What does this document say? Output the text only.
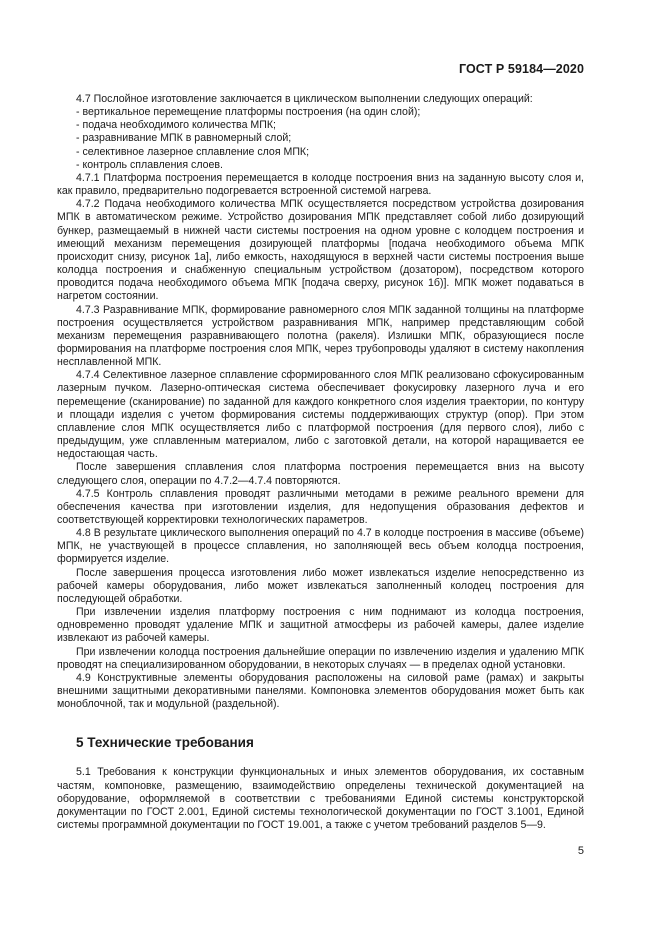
ГОСТ Р 59184—2020

4.7 Послойное изготовление заключается в циклическом выполнении следующих операций:

- вертикальное перемещение платформы построения (на один слой);

- подача необходимого количества МПК;

- разравнивание МПК в равномерный слой;

- селективное лазерное сплавление слоя МПК;

- контроль сплавления слоев.

4.7.1 Платформа построения перемещается в колодце построения вниз на заданную высоту слоя и, как правило, предварительно подогревается встроенной системой нагрева.

4.7.2 Подача необходимого количества МПК осуществляется посредством устройства дозирования МПК в автоматическом режиме. Устройство дозирования МПК представляет собой либо дозирующий бункер, размещаемый в нижней части системы построения на одном уровне с колодцем построения и имеющий механизм перемещения дозирующей платформы [подача необходимого объема МПК происходит снизу, рисунок 1а], либо емкость, находящуюся в верхней части системы построения выше колодца построения и снабженную специальным устройством (дозатором), посредством которого проводится подача необходимого объема МПК [подача сверху, рисунок 1б)]. МПК может подаваться в нагретом состоянии.

4.7.3 Разравнивание МПК, формирование равномерного слоя МПК заданной толщины на платформе построения осуществляется устройством разравнивания МПК, например представляющим собой механизм перемещения разравнивающего полотна (ракеля). Излишки МПК, образующиеся после формирования на платформе построения слоя МПК, через трубопроводы удаляют в систему накопления несплавленной МПК.

4.7.4 Селективное лазерное сплавление сформированного слоя МПК реализовано сфокусированным лазерным пучком. Лазерно-оптическая система обеспечивает фокусировку лазерного луча и его перемещение (сканирование) по заданной для каждого конкретного слоя изделия траектории, по контуру и площади изделия с учетом формирования системы поддерживающих структур (опор). При этом сплавление слоя МПК осуществляется либо с платформой построения (для первого слоя), либо с предыдущим, уже сплавленным материалом, либо с заготовкой детали, на которой наращивается ее недостающая часть.

После завершения сплавления слоя платформа построения перемещается вниз на высоту следующего слоя, операции по 4.7.2—4.7.4 повторяются.

4.7.5 Контроль сплавления проводят различными методами в режиме реального времени для обеспечения качества при изготовлении изделия, для недопущения образования дефектов и соответствующей корректировки технологических параметров.

4.8 В результате циклического выполнения операций по 4.7 в колодце построения в массиве (объеме) МПК, не участвующей в процессе сплавления, но заполняющей весь объем колодца построения, формируется изделие.

После завершения процесса изготовления либо может извлекаться изделие непосредственно из рабочей камеры оборудования, либо может извлекаться заполненный колодец построения для последующей обработки.

При извлечении изделия платформу построения с ним поднимают из колодца построения, одновременно проводят удаление МПК и защитной атмосферы из рабочей камеры, далее изделие извлекают из рабочей камеры.

При извлечении колодца построения дальнейшие операции по извлечению изделия и удалению МПК проводят на специализированном оборудовании, в некоторых случаях — в пределах одной установки.

4.9 Конструктивные элементы оборудования расположены на силовой раме (рамах) и закрыты внешними защитными декоративными панелями. Компоновка элементов оборудования может быть как моноблочной, так и модульной (раздельной).

5 Технические требования

5.1 Требования к конструкции функциональных и иных элементов оборудования, их составным частям, компоновке, размещению, взаимодействию определены технической документацией на оборудование, оформляемой в соответствии с требованиями Единой системы конструкторской документации по ГОСТ 2.001, Единой системы технологической документации по ГОСТ 3.1001, Единой системы программной документации по ГОСТ 19.001, а также с учетом требований разделов 5—9.

5
